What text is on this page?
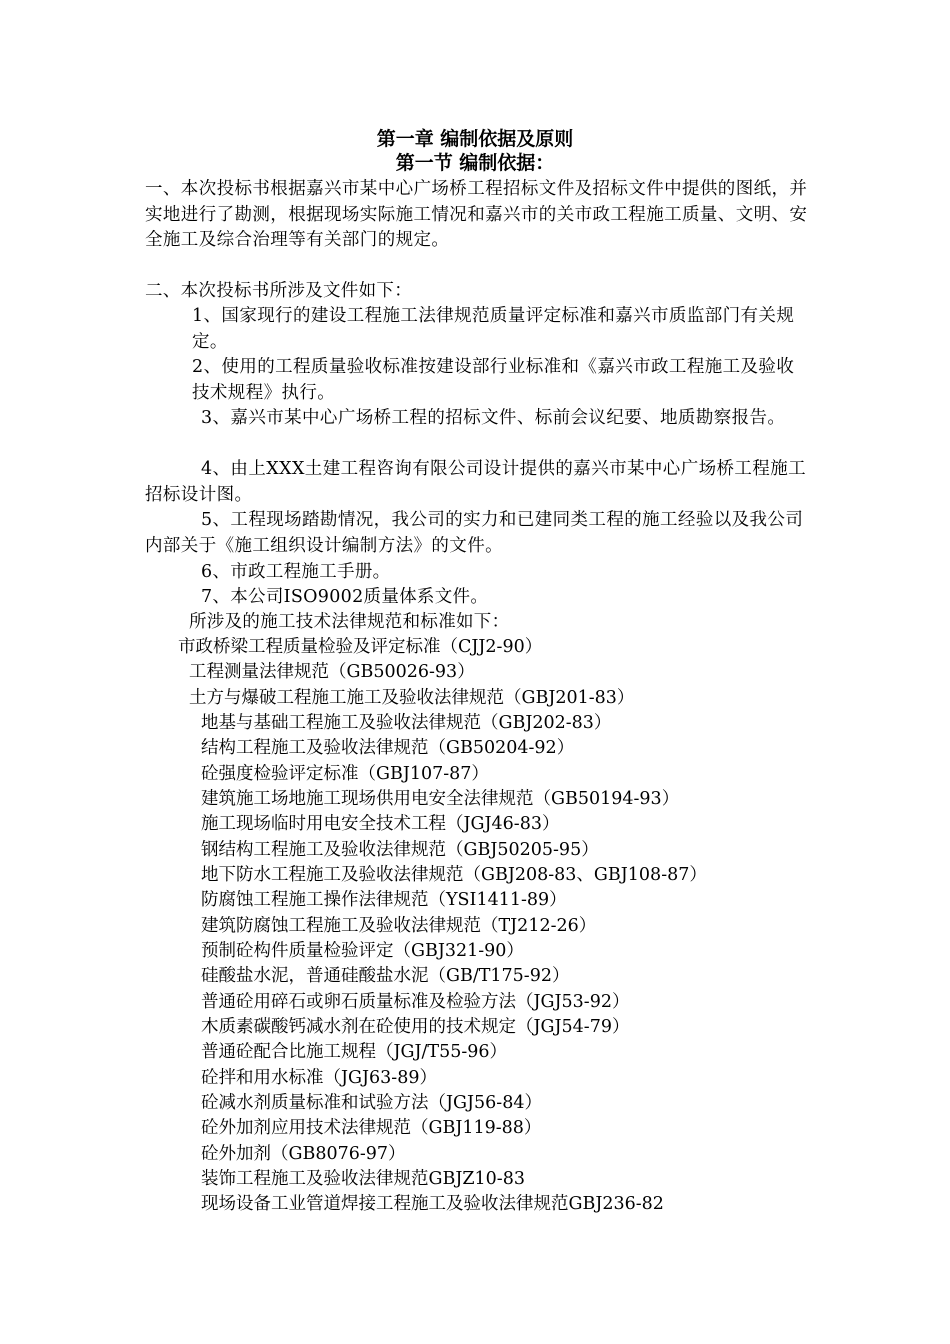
第一章 编制依据及原则
第一节 编制依据：
一、本次投标书根据嘉兴市某中心广场桥工程招标文件及招标文件中提供的图纸，并实地进行了勘测，根据现场实际施工情况和嘉兴市的关市政工程施工质量、文明、安全施工及综合治理等有关部门的规定。
二、本次投标书所涉及文件如下：
1、国家现行的建设工程施工法律规范质量评定标准和嘉兴市质监部门有关规定。
2、使用的工程质量验收标准按建设部行业标准和《嘉兴市政工程施工及验收技术规程》执行。
3、嘉兴市某中心广场桥工程的招标文件、标前会议纪要、地质勘察报告。
4、由上XXX土建工程咨询有限公司设计提供的嘉兴市某中心广场桥工程施工招标设计图。
5、工程现场踏勘情况，我公司的实力和已建同类工程的施工经验以及我公司内部关于《施工组织设计编制方法》的文件。
6、市政工程施工手册。
7、本公司ISO9002质量体系文件。
所涉及的施工技术法律规范和标准如下：
市政桥梁工程质量检验及评定标准（CJJ2-90）
工程测量法律规范（GB50026-93）
土方与爆破工程施工施工及验收法律规范（GBJ201-83）
地基与基础工程施工及验收法律规范（GBJ202-83）
结构工程施工及验收法律规范（GB50204-92）
砼强度检验评定标准（GBJ107-87）
建筑施工场地施工现场供用电安全法律规范（GB50194-93）
施工现场临时用电安全技术工程（JGJ46-83）
钢结构工程施工及验收法律规范（GBJ50205-95）
地下防水工程施工及验收法律规范（GBJ208-83、GBJ108-87）
防腐蚀工程施工操作法律规范（YSI1411-89）
建筑防腐蚀工程施工及验收法律规范（TJ212-26）
预制砼构件质量检验评定（GBJ321-90）
硅酸盐水泥，普通硅酸盐水泥（GB/T175-92）
普通砼用碎石或卵石质量标准及检验方法（JGJ53-92）
木质素碳酸钙减水剂在砼使用的技术规定（JGJ54-79）
普通砼配合比施工规程（JGJ/T55-96）
砼拌和用水标准（JGJ63-89）
砼减水剂质量标准和试验方法（JGJ56-84）
砼外加剂应用技术法律规范（GBJ119-88）
砼外加剂（GB8076-97）
装饰工程施工及验收法律规范GBJZ10-83
现场设备工业管道焊接工程施工及验收法律规范GBJ236-82
